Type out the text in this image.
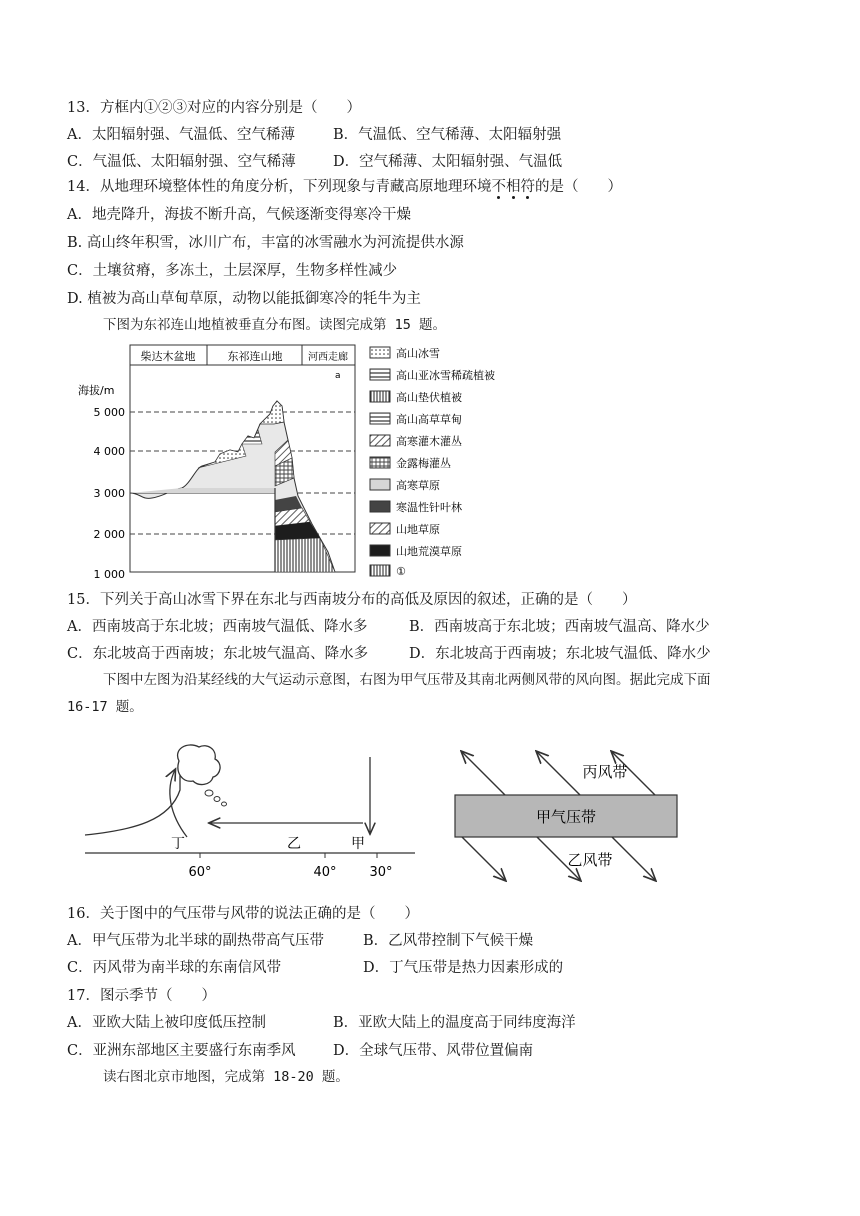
13．方框内①②③对应的内容分别是（　　）
A．太阳辐射强、气温低、空气稀薄	B．气温低、空气稀薄、太阳辐射强
C．气温低、太阳辐射强、空气稀薄	D．空气稀薄、太阳辐射强、气温低
14．从地理环境整体性的角度分析，下列现象与青藏高原地理环境不相符的是（　　）
A．地壳降升，海拔不断升高，气候逐渐变得寒冷干燥
B. 高山终年积雪，冰川广布，丰富的冰雪融水为河流提供水源
C．土壤贫瘠，多冻土，土层深厚，生物多样性减少
D. 植被为高山草甸草原，动物以能抵御寒冷的牦牛为主
下图为东祁连山地植被垂直分布图。读图完成第 15 题。
柴达木盆地	东祁连山地	河西走廊
海拔/m
5 000
4 000
3 000
2 000
1 000
a
高山冰雪
高山亚冰雪稀疏植被
高山垫伏植被
高山高草草甸
高寒灌木灌丛
金露梅灌丛
高寒草原
寒温性针叶林
山地草原
山地荒漠草原
①
15．下列关于高山冰雪下界在东北与西南坡分布的高低及原因的叙述，正确的是（　　）
A．西南坡高于东北坡；西南坡气温低、降水多	B．西南坡高于东北坡；西南坡气温高、降水少
C．东北坡高于西南坡；东北坡气温高、降水多	D．东北坡高于西南坡；东北坡气温低、降水少
下图中左图为沿某经线的大气运动示意图，右图为甲气压带及其南北两侧风带的风向图。据此完成下面
16-17 题。
60°	40°	30°
丁	乙	甲
丙风带
甲气压带
乙风带
16．关于图中的气压带与风带的说法正确的是（　　）
A．甲气压带为北半球的副热带高气压带	B．乙风带控制下气候干燥
C．丙风带为南半球的东南信风带	D．丁气压带是热力因素形成的
17．图示季节（　　）
A．亚欧大陆上被印度低压控制	B．亚欧大陆上的温度高于同纬度海洋
C．亚洲东部地区主要盛行东南季风	D．全球气压带、风带位置偏南
读右图北京市地图，完成第 18-20 题。
